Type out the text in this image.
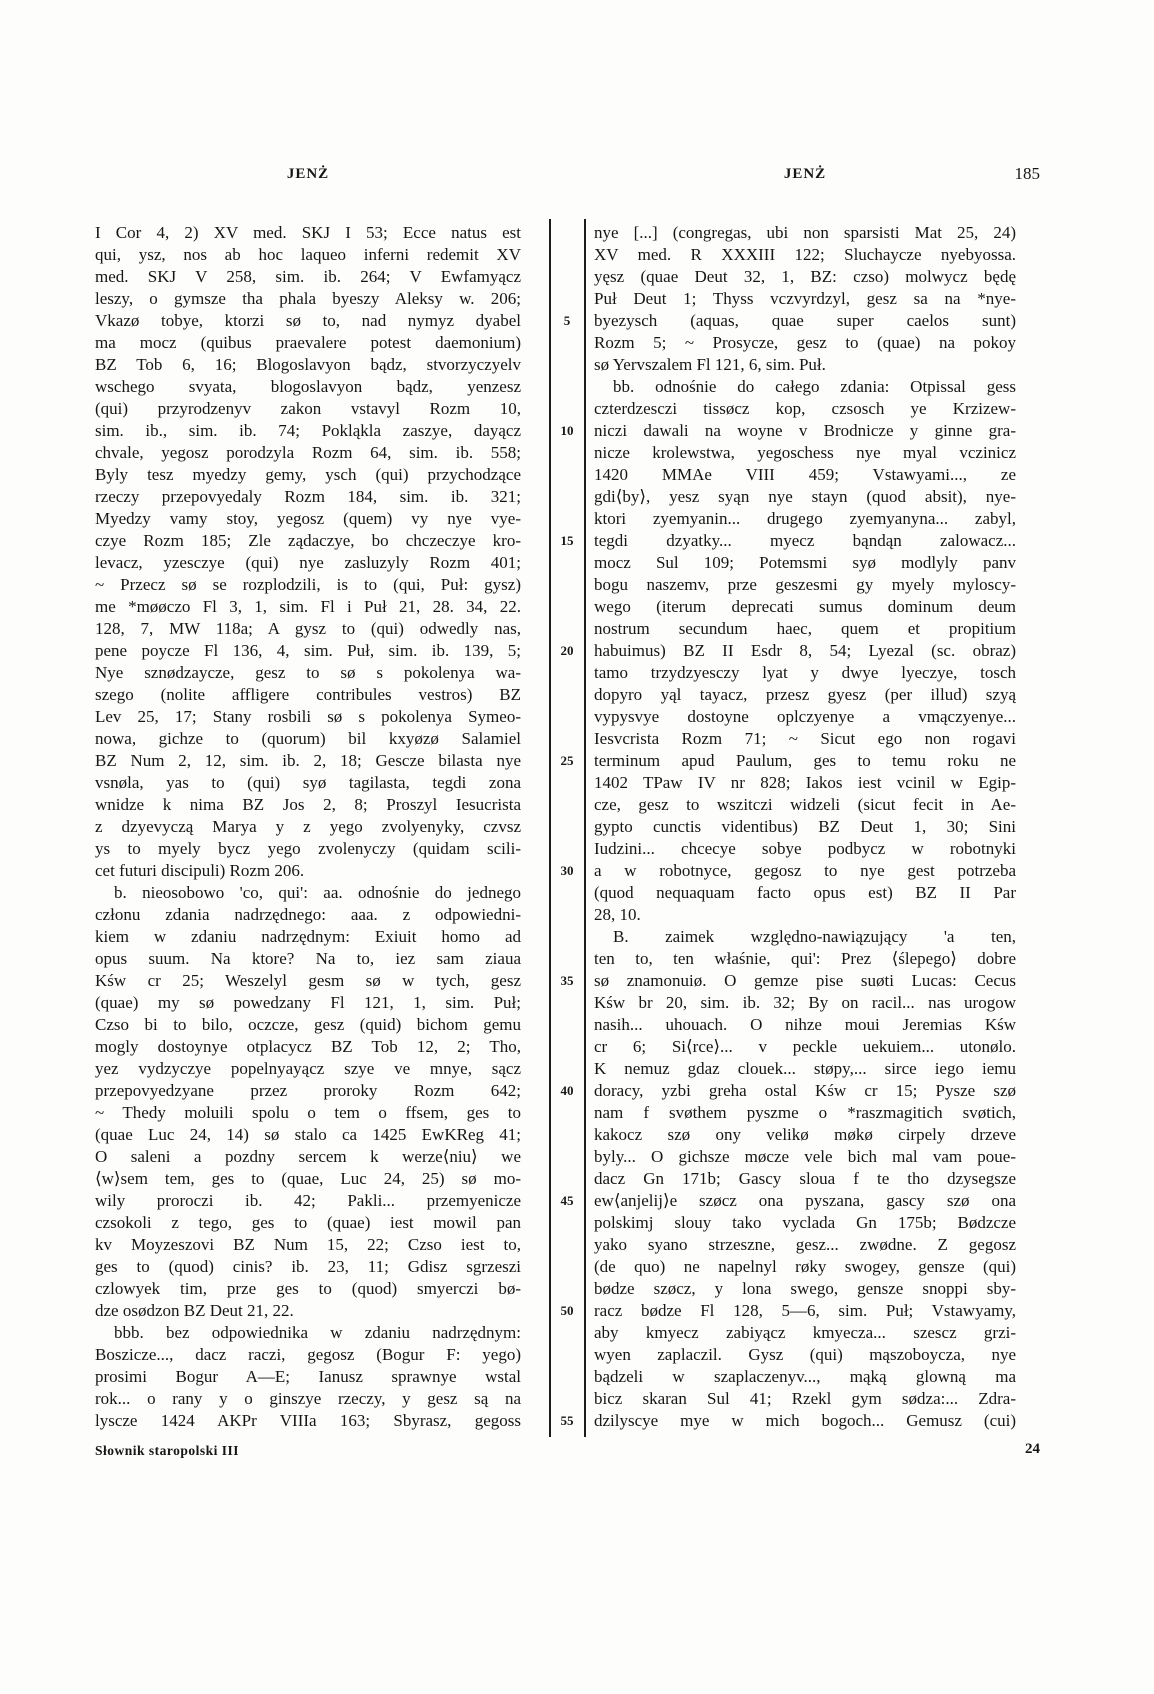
JENŻ	JENŻ	185
I Cor 4, 2) XV med. SKJ I 53; Ecce natus est
qui, ysz, nos ab hoc laqueo inferni redemit XV
med. SKJ V 258, sim. ib. 264; V Ewfamyącz
leszy, o gymsze tha phala byeszy Aleksy w. 206;
Vkazø tobye, ktorzi sø to, nad nymyz dyabel
ma mocz (quibus praevalere potest daemonium)
BZ Tob 6, 16; Blogoslavyon bądz, stvorzyczyelv
wschego svyata, blogoslavyon bądz, yenzesz
(qui) przyrodzenyv zakon vstavyl Rozm 10,
sim. ib., sim. ib. 74; Pokląkla zaszye, dayącz
chvale, yegosz porodzyla Rozm 64, sim. ib. 558;
Byly tesz myedzy gemy, ysch (qui) przychodzące
rzeczy przepovyedaly Rozm 184, sim. ib. 321;
Myedzy vamy stoy, yegosz (quem) vy nye vye-
czye Rozm 185; Zle ządaczye, bo chczeczye kro-
levacz, yzesczye (qui) nye zasluzyly Rozm 401;
~ Przecz sø se rozplodzili, is to (qui, Puł: gysz)
me *møøczo Fl 3, 1, sim. Fl i Puł 21, 28. 34, 22.
128, 7, MW 118a; A gysz to (qui) odwedly nas,
pene poycze Fl 136, 4, sim. Puł, sim. ib. 139, 5;
Nye sznødzaycze, gesz to sø s pokolenya wa-
szego (nolite affligere contribules vestros) BZ
Lev 25, 17; Stany rosbili sø s pokolenya Symeo-
nowa, gichze to (quorum) bil kxyøzø Salamiel
BZ Num 2, 12, sim. ib. 2, 18; Gescze bilasta nye
vsnøla, yas to (qui) syø tagilasta, tegdi zona
wnidze k nima BZ Jos 2, 8; Proszyl Iesucrista
z dzyevyczą Marya y z yego zvolyenyky, czvsz
ys to myely bycz yego zvolenyczy (quidam scili-
cet futuri discipuli) Rozm 206.
b. nieosobowo 'co, qui': aa. odnośnie do jednego
członu zdania nadrzędnego: aaa. z odpowiedni-
kiem w zdaniu nadrzędnym: Exiuit homo ad
opus suum. Na ktore? Na to, iez sam ziaua
Kśw cr 25; Weszelyl gesm sø w tych, gesz
(quae) my sø powedzany Fl 121, 1, sim. Puł;
Czso bi to bilo, oczcze, gesz (quid) bichom gemu
mogly dostoynye otplacycz BZ Tob 12, 2; Tho,
yez vydzyczye popelnyayącz szye ve mnye, sącz
przepovyedzyane przez proroky Rozm 642;
~ Thedy moluili spolu o tem o ffsem, ges to
(quae Luc 24, 14) sø stalo ca 1425 EwKReg 41;
O saleni a pozdny sercem k werze⟨niu⟩ we
⟨w⟩sem tem, ges to (quae, Luc 24, 25) sø mo-
wily proroczi ib. 42; Pakli... przemyenicze
czsokoli z tego, ges to (quae) iest mowil pan
kv Moyzeszovi BZ Num 15, 22; Czso iest to,
ges to (quod) cinis? ib. 23, 11; Gdisz sgrzeszi
czlowyek tim, prze ges to (quod) smyerczi bø-
dze osødzon BZ Deut 21, 22.
bbb. bez odpowiednika w zdaniu nadrzędnym:
Boszicze..., dacz raczi, gegosz (Bogur F: yego)
prosimi Bogur A—E; Ianusz sprawnye wstal
rok... o rany y o ginszye rzeczy, y gesz są na
lyscze 1424 AKPr VIIIa 163; Sbyrasz, gegoss
5
10
15
20
25
30
35
40
45
50
55
nye [...] (congregas, ubi non sparsisti Mat 25, 24)
XV med. R XXXIII 122; Sluchaycze nyebyossa.
yęsz (quae Deut 32, 1, BZ: czso) molwycz będę
Puł Deut 1; Thyss vczvyrdzyl, gesz sa na *nye-
byezysch (aquas, quae super caelos sunt)
Rozm 5; ~ Prosycze, gesz to (quae) na pokoy
sø Yervszalem Fl 121, 6, sim. Puł.
bb. odnośnie do całego zdania: Otpissal gess
czterdzesczi tissøcz kop, czsosch ye Krzizew-
niczi dawali na woyne v Brodnicze y ginne gra-
nicze krolewstwa, yegoschess nye myal vczinicz
1420 MMAe VIII 459; Vstawyami..., ze
gdi⟨by⟩, yesz syąn nye stayn (quod absit), nye-
ktori zyemyanin... drugego zyemyanyna... zabyl,
tegdi dzyatky... myecz bąndąn zalowacz...
mocz Sul 109; Potemsmi syø modlyly panv
bogu naszemv, prze geszesmi gy myely myloscy-
wego (iterum deprecati sumus dominum deum
nostrum secundum haec, quem et propitium
habuimus) BZ II Esdr 8, 54; Lyezal (sc. obraz)
tamo trzydzyesczy lyat y dwye lyeczye, tosch
dopyro yąl tayacz, przesz gyesz (per illud) szyą
vypysvye dostoyne oplczyenye a vmączyenye...
Iesvcrista Rozm 71; ~ Sicut ego non rogavi
terminum apud Paulum, ges to temu roku ne
1402 TPaw IV nr 828; Iakos iest vcinil w Egip-
cze, gesz to wszitczi widzeli (sicut fecit in Ae-
gypto cunctis videntibus) BZ Deut 1, 30; Sini
Iudzini... chcecye sobye podbycz w robotnyki
a w robotnyce, gegosz to nye gest potrzeba
(quod nequaquam facto opus est) BZ II Par
28, 10.
B. zaimek względno-nawiązujący 'a ten,
ten to, ten właśnie, qui': Prez ⟨ślepego⟩ dobre
sø znamonuiø. O gemze pise suøti Lucas: Cecus
Kśw br 20, sim. ib. 32; By on racil... nas urogow
nasih... uhouach. O nihze moui Jeremias Kśw
cr 6; Si⟨rce⟩... v peckle uekuiem... utonølo.
K nemuz gdaz clouek... støpy,... sirce iego iemu
doracy, yzbi greha ostal Kśw cr 15; Pysze szø
nam f svøthem pyszme o *raszmagitich svøtich,
kakocz szø ony velikø møkø cirpely drzeve
byly... O gichsze møcze vele bich mal vam poue-
dacz Gn 171b; Gascy sloua f te tho dzysegsze
ew⟨anjelij⟩e szøcz ona pyszana, gascy szø ona
polskimj slouy tako vyclada Gn 175b; Bødzcze
yako syano strzeszne, gesz... zwødne. Z gegosz
(de quo) ne napelnyl røky swogey, gensze (qui)
bødze szøcz, y lona swego, gensze snoppi sby-
racz bødze Fl 128, 5—6, sim. Puł; Vstawyamy,
aby kmyecz zabiyącz kmyecza... szescz grzi-
wyen zaplaczil. Gysz (qui) mąszoboycza, nye
bądzeli w szaplaczenyv..., mąką glowną ma
bicz skaran Sul 41; Rzekl gym sødza:... Zdra-
dzilyscye mye w mich bogoch... Gemusz (cui)
Słownik staropolski III	24
